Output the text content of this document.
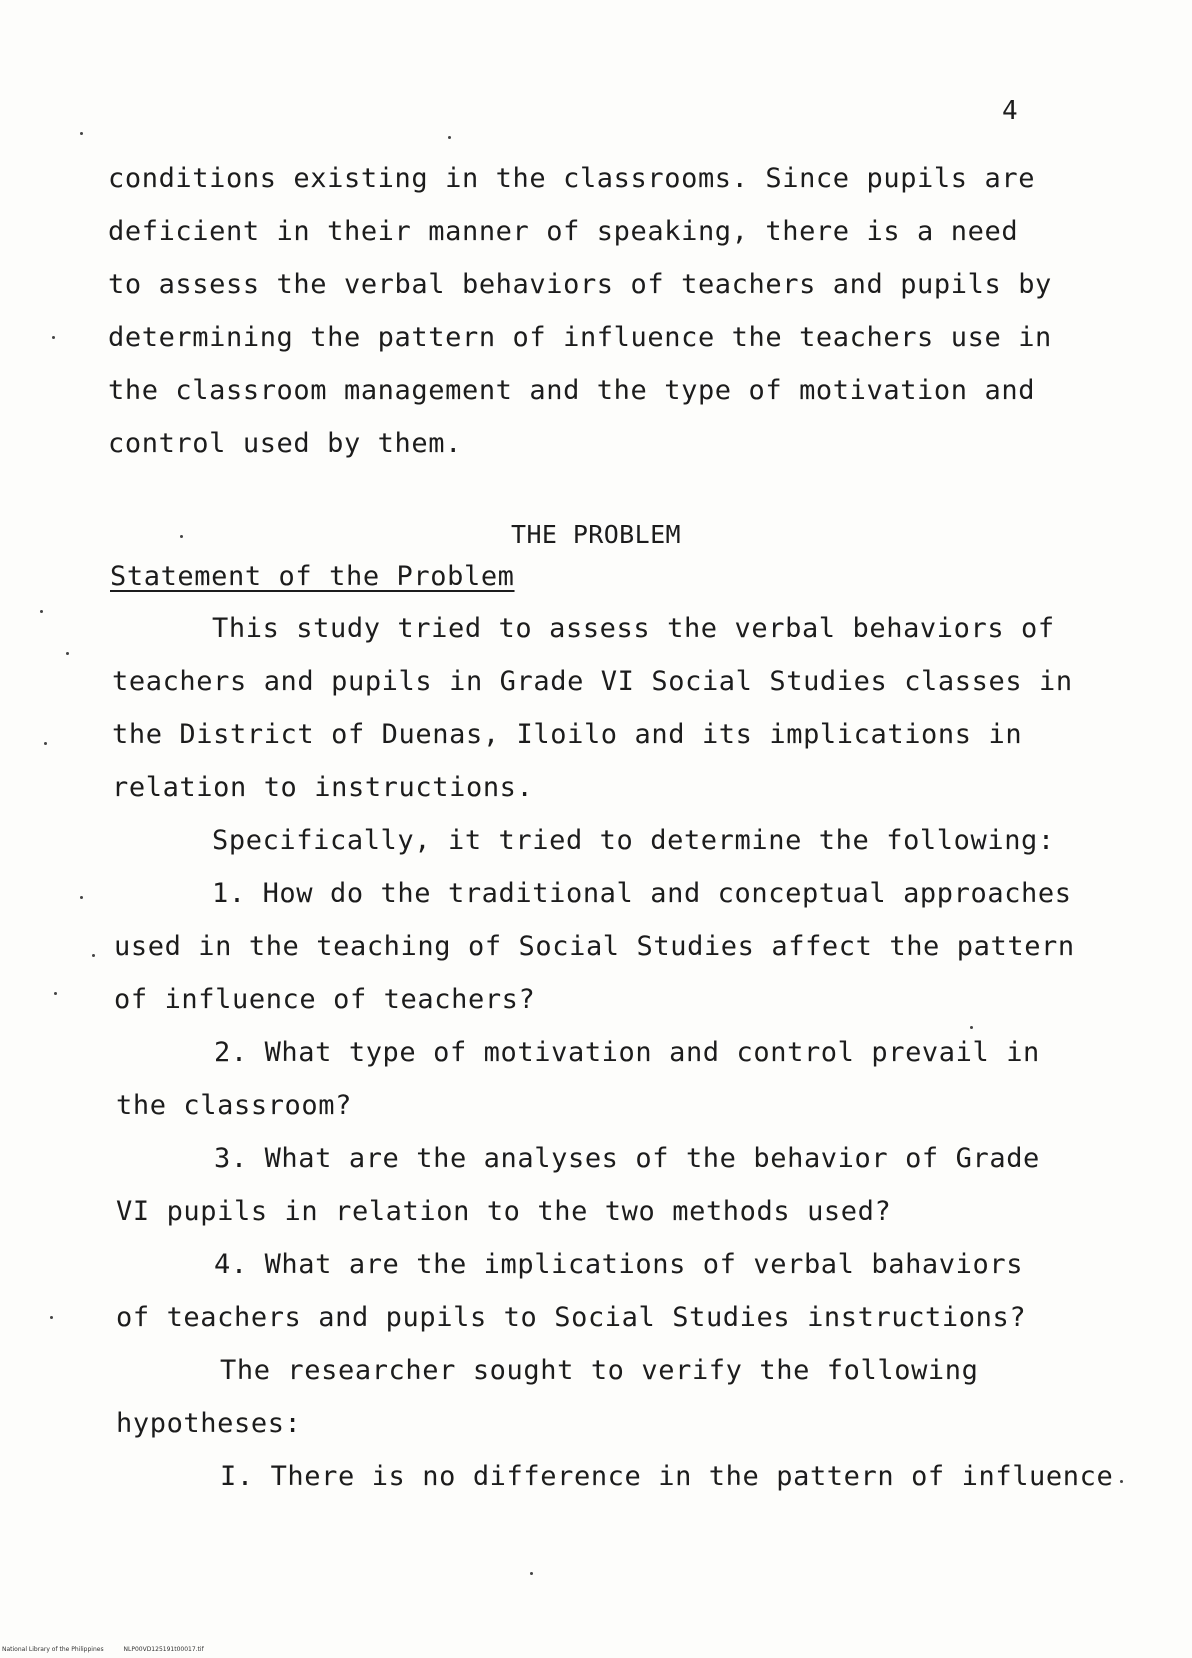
4
conditions existing in the classrooms. Since pupils are
deficient in their manner of speaking, there is a need
to assess the verbal behaviors of teachers and pupils by
determining the pattern of influence the teachers use in
the classroom management and the type of motivation and
control used by them.
THE PROBLEM
Statement of the Problem
This study tried to assess the verbal behaviors of
teachers and pupils in Grade VI Social Studies classes in
the District of Duenas, Iloilo and its implications in
relation to instructions.
Specifically, it tried to determine the following:
1. How do the traditional and conceptual approaches
used in the teaching of Social Studies affect the pattern
of influence of teachers?
2. What type of motivation and control prevail in
the classroom?
3. What are the analyses of the behavior of Grade
VI pupils in relation to the two methods used?
4. What are the implications of verbal bahaviors
of teachers and pupils to Social Studies instructions?
The researcher sought to verify the following
hypotheses:
I. There is no difference in the pattern of influence
National Library of the Philippines	NLP00VD125191t00017.tif
